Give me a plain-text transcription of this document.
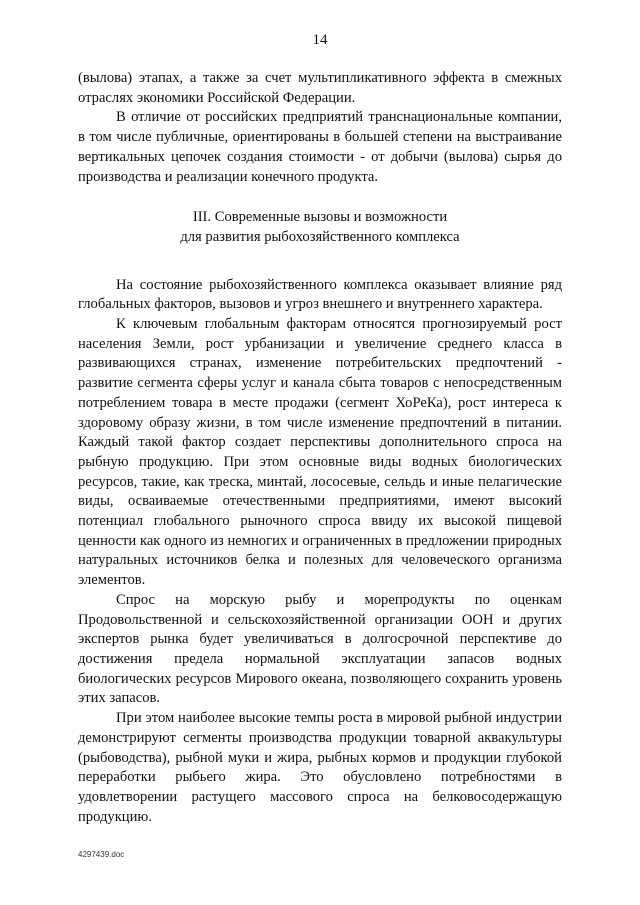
14

(вылова) этапах, а также за счет мультипликативного эффекта в смежных отраслях экономики Российской Федерации.

В отличие от российских предприятий транснациональные компании, в том числе публичные, ориентированы в большей степени на выстраивание вертикальных цепочек создания стоимости - от добычи (вылова) сырья до производства и реализации конечного продукта.

III. Современные вызовы и возможности
для развития рыбохозяйственного комплекса

На состояние рыбохозяйственного комплекса оказывает влияние ряд глобальных факторов, вызовов и угроз внешнего и внутреннего характера.

К ключевым глобальным факторам относятся прогнозируемый рост населения Земли, рост урбанизации и увеличение среднего класса в развивающихся странах, изменение потребительских предпочтений - развитие сегмента сферы услуг и канала сбыта товаров с непосредственным потреблением товара в месте продажи (сегмент ХоРеКа), рост интереса к здоровому образу жизни, в том числе изменение предпочтений в питании. Каждый такой фактор создает перспективы дополнительного спроса на рыбную продукцию. При этом основные виды водных биологических ресурсов, такие, как треска, минтай, лососевые, сельдь и иные пелагические виды, осваиваемые отечественными предприятиями, имеют высокий потенциал глобального рыночного спроса ввиду их высокой пищевой ценности как одного из немногих и ограниченных в предложении природных натуральных источников белка и полезных для человеческого организма элементов.

Спрос на морскую рыбу и морепродукты по оценкам Продовольственной и сельскохозяйственной организации ООН и других экспертов рынка будет увеличиваться в долгосрочной перспективе до достижения предела нормальной эксплуатации запасов водных биологических ресурсов Мирового океана, позволяющего сохранить уровень этих запасов.

При этом наиболее высокие темпы роста в мировой рыбной индустрии демонстрируют сегменты производства продукции товарной аквакультуры (рыбоводства), рыбной муки и жира, рыбных кормов и продукции глубокой переработки рыбьего жира. Это обусловлено потребностями в удовлетворении растущего массового спроса на белковосодержащую продукцию.

4297439.doc
